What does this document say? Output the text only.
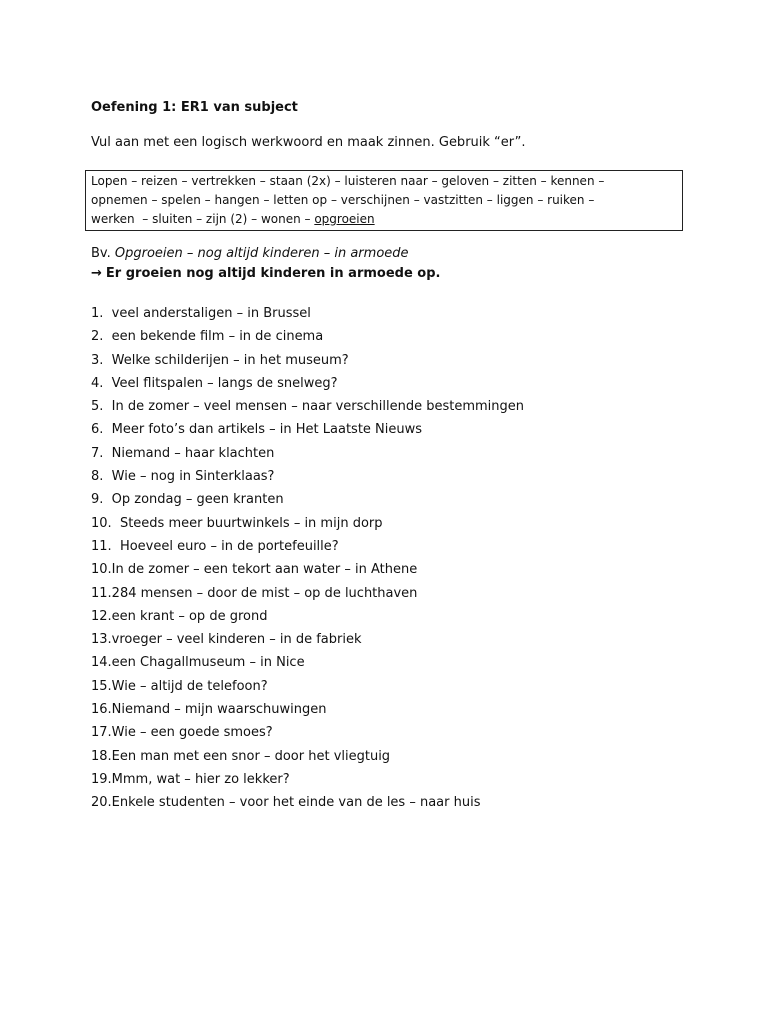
Oefening 1: ER1 van subject
Vul aan met een logisch werkwoord en maak zinnen. Gebruik “er”.
Lopen – reizen – vertrekken – staan (2x) – luisteren naar – geloven – zitten – kennen –
opnemen – spelen – hangen – letten op – verschijnen – vastzitten – liggen – ruiken –
werken  – sluiten – zijn (2) – wonen – opgroeien
Bv. Opgroeien – nog altijd kinderen – in armoede
→ Er groeien nog altijd kinderen in armoede op.
1.  veel anderstaligen – in Brussel
2.  een bekende film – in de cinema
3.  Welke schilderijen – in het museum?
4.  Veel flitspalen – langs de snelweg?
5.  In de zomer – veel mensen – naar verschillende bestemmingen
6.  Meer foto’s dan artikels – in Het Laatste Nieuws
7.  Niemand – haar klachten
8.  Wie – nog in Sinterklaas?
9.  Op zondag – geen kranten
10.  Steeds meer buurtwinkels – in mijn dorp
11.  Hoeveel euro – in de portefeuille?
10.In de zomer – een tekort aan water – in Athene
11.284 mensen – door de mist – op de luchthaven
12.een krant – op de grond
13.vroeger – veel kinderen – in de fabriek
14.een Chagallmuseum – in Nice
15.Wie – altijd de telefoon?
16.Niemand – mijn waarschuwingen
17.Wie – een goede smoes?
18.Een man met een snor – door het vliegtuig
19.Mmm, wat – hier zo lekker?
20.Enkele studenten – voor het einde van de les – naar huis
